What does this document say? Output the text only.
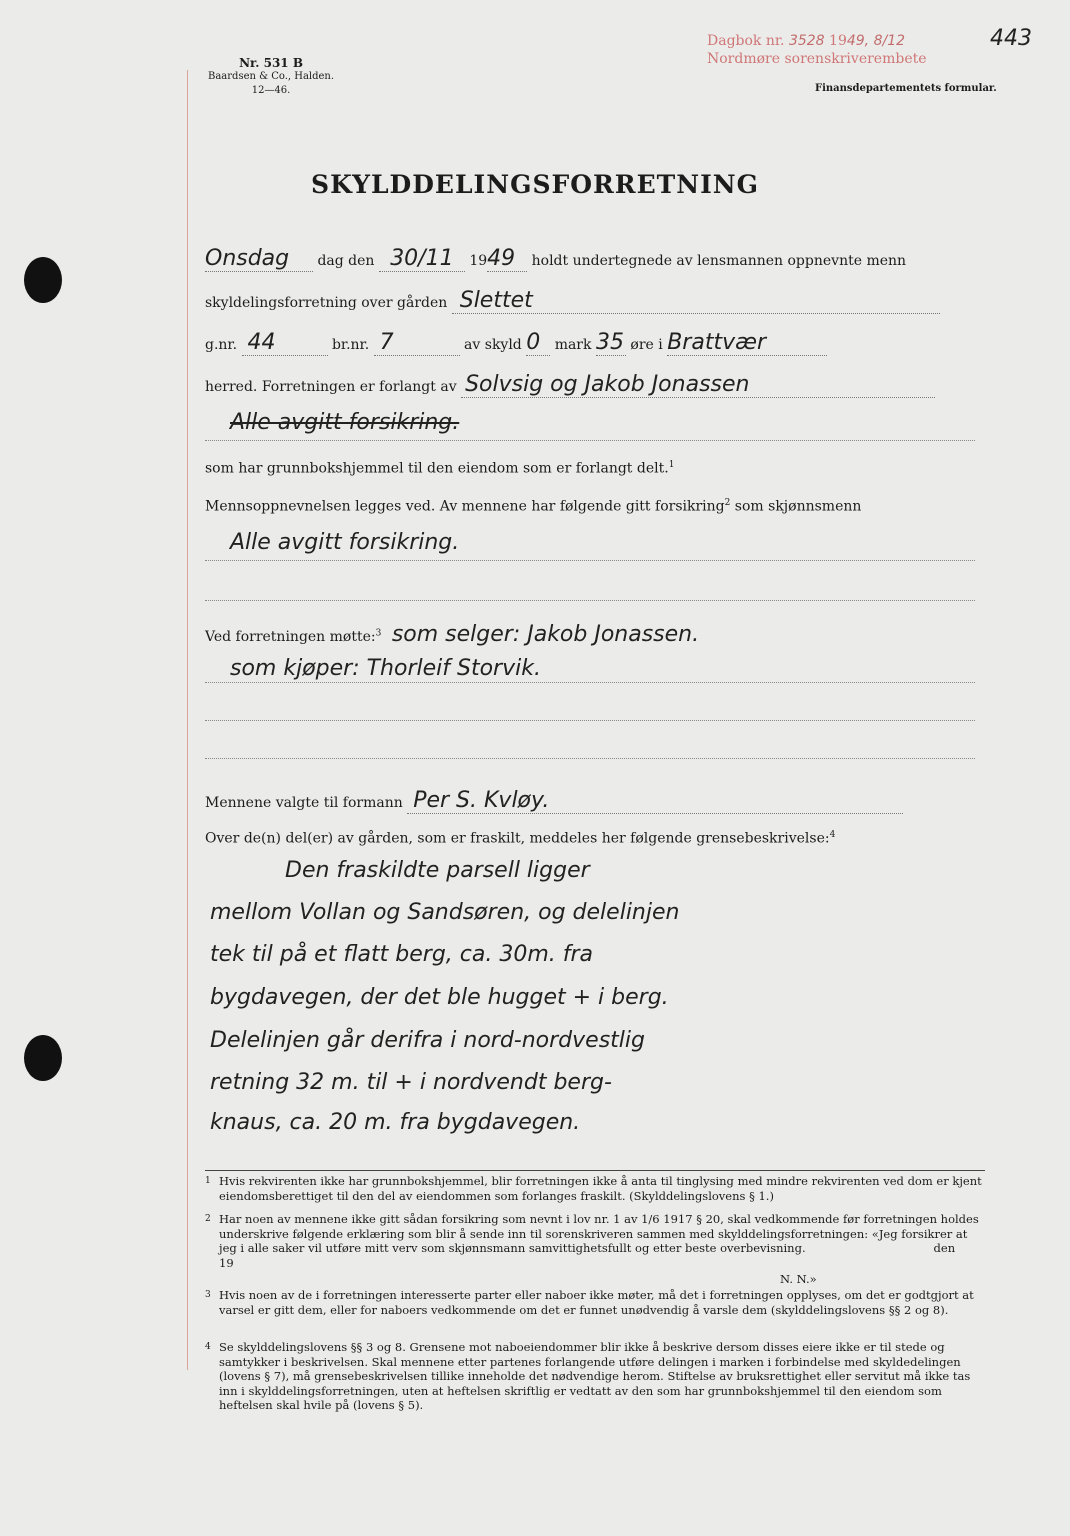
Nr. 531 B
Baardsen & Co., Halden.
12—46.
Dagbok nr. 3528 1949, 8/12
Nordmøre sorenskriverembete
443
Finansdepartementets formular.
SKYLDDELINGSFORRETNING
Onsdag dag den 30/11 1949 holdt undertegnede av lensmannen oppnevnte menn
skyldelingsforretning over gården Slettet
g.nr. 44	br.nr. 7	av skyld 0 mark 35 øre i Brattvær
herred. Forretningen er forlangt av Solvsig og Jakob Jonassen
Alle avgitt forsikring.
som har grunnbokshjemmel til den eiendom som er forlangt delt.$^1$
Mennsoppnevnelsen legges ved. Av mennene har følgende gitt forsikring$^2$ som skjønnsmenn
Alle avgitt forsikring.
Ved forretningen møtte:$^3$ som selger: Jakob Jonassen.
som kjøper: Thorleif Storvik.
Mennene valgte til formann Per S. Kvløy.
Over de(n) del(er) av gården, som er fraskilt, meddeles her følgende grensebeskrivelse:$^4$
Den fraskildte parsell ligger
mellom Vollan og Sandsøren, og delelinjen
tek til på et flatt berg, ca. 30m. fra
bygdavegen, der det ble hugget + i berg.
Delelinjen går derifra i nord-nordvestlig
retning 32 m. til + i nordvendt berg-
knaus, ca. 20 m. fra bygdavegen.
1 Hvis rekvirenten ikke har grunnbokshjemmel, blir forretningen ikke å anta til tinglysing med mindre rekvirenten ved dom er kjent eiendomsberettiget til den del av eiendommen som forlanges fraskilt. (Skylddelingslovens § 1.)
2 Har noen av mennene ikke gitt sådan forsikring som nevnt i lov nr. 1 av 1/6 1917 § 20, skal vedkommende før forretningen holdes underskrive følgende erklæring som blir å sende inn til sorenskriveren sammen med skylddelingsforretningen: «Jeg forsikrer at jeg i alle saker vil utføre mitt verv som skjønnsmann samvittighetsfullt og etter beste overbevisning.                                   den                    19
N. N.»
3 Hvis noen av de i forretningen interesserte parter eller naboer ikke møter, må det i forretningen opplyses, om det er godtgjort at varsel er gitt dem, eller for naboers vedkommende om det er funnet unødvendig å varsle dem (skylddelingslovens §§ 2 og 8).
4 Se skylddelingslovens §§ 3 og 8. Grensene mot naboeiendommer blir ikke å beskrive dersom disses eiere ikke er til stede og samtykker i beskrivelsen. Skal mennene etter partenes forlangende utføre delingen i marken i forbindelse med skyldedelingen (lovens § 7), må grensebeskrivelsen tillike inneholde det nødvendige herom. Stiftelse av bruksrettighet eller servitut må ikke tas inn i skylddelingsforretningen, uten at heftelsen skriftlig er vedtatt av den som har grunnbokshjemmel til den eiendom som heftelsen skal hvile på (lovens § 5).
